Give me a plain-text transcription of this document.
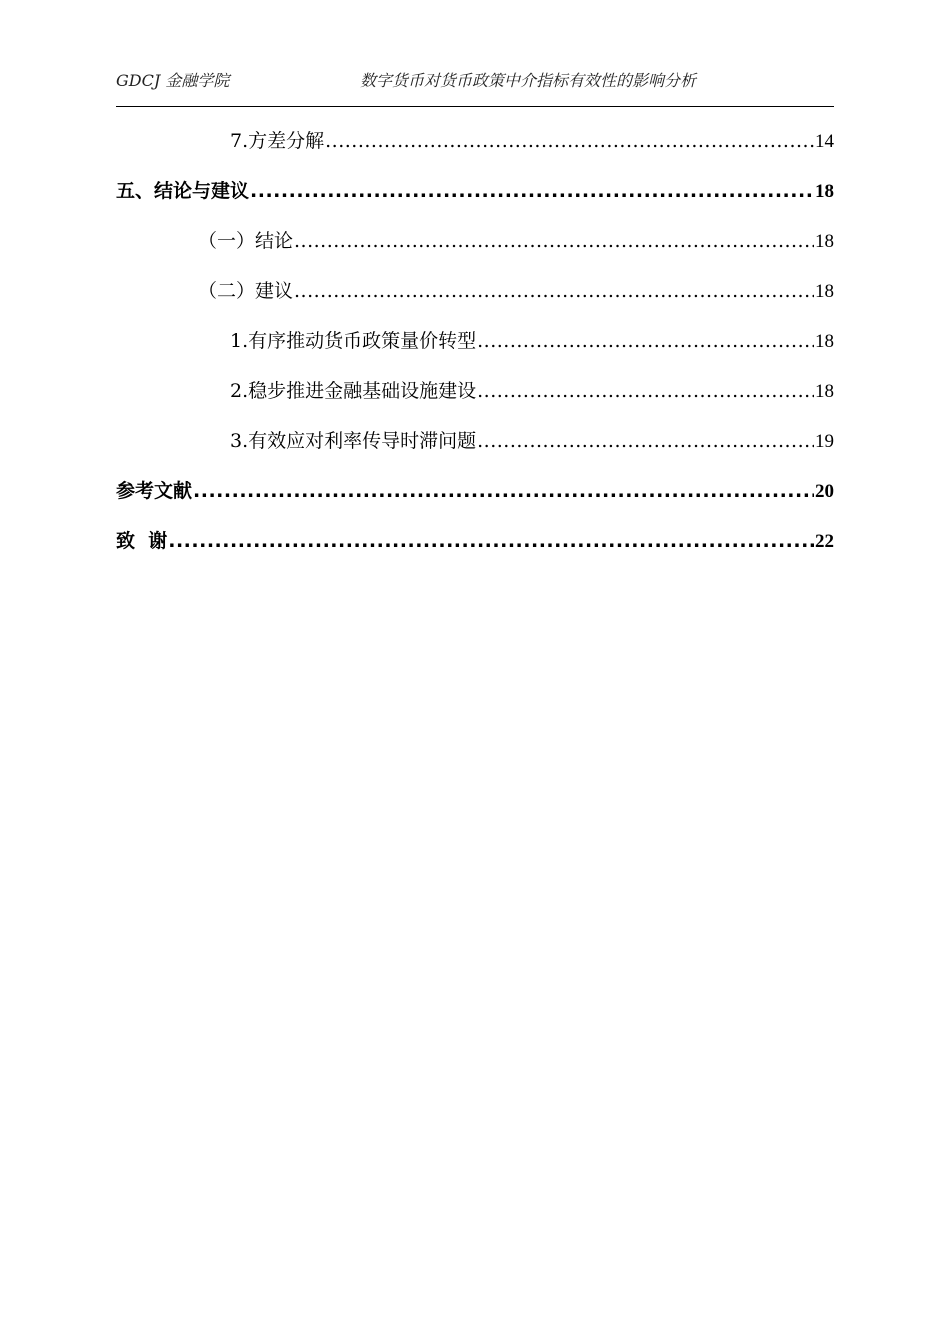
GDCJ 金融学院	数字货币对货币政策中介指标有效性的影响分析
7.方差分解 .....	14
五、结论与建议 .....	18
（一）结论 .....	18
（二）建议 .....	18
1.有序推动货币政策量价转型 .....	18
2.稳步推进金融基础设施建设 .....	18
3.有效应对利率传导时滞问题 .....	19
参考文献 .....	20
致  谢 .....	22
